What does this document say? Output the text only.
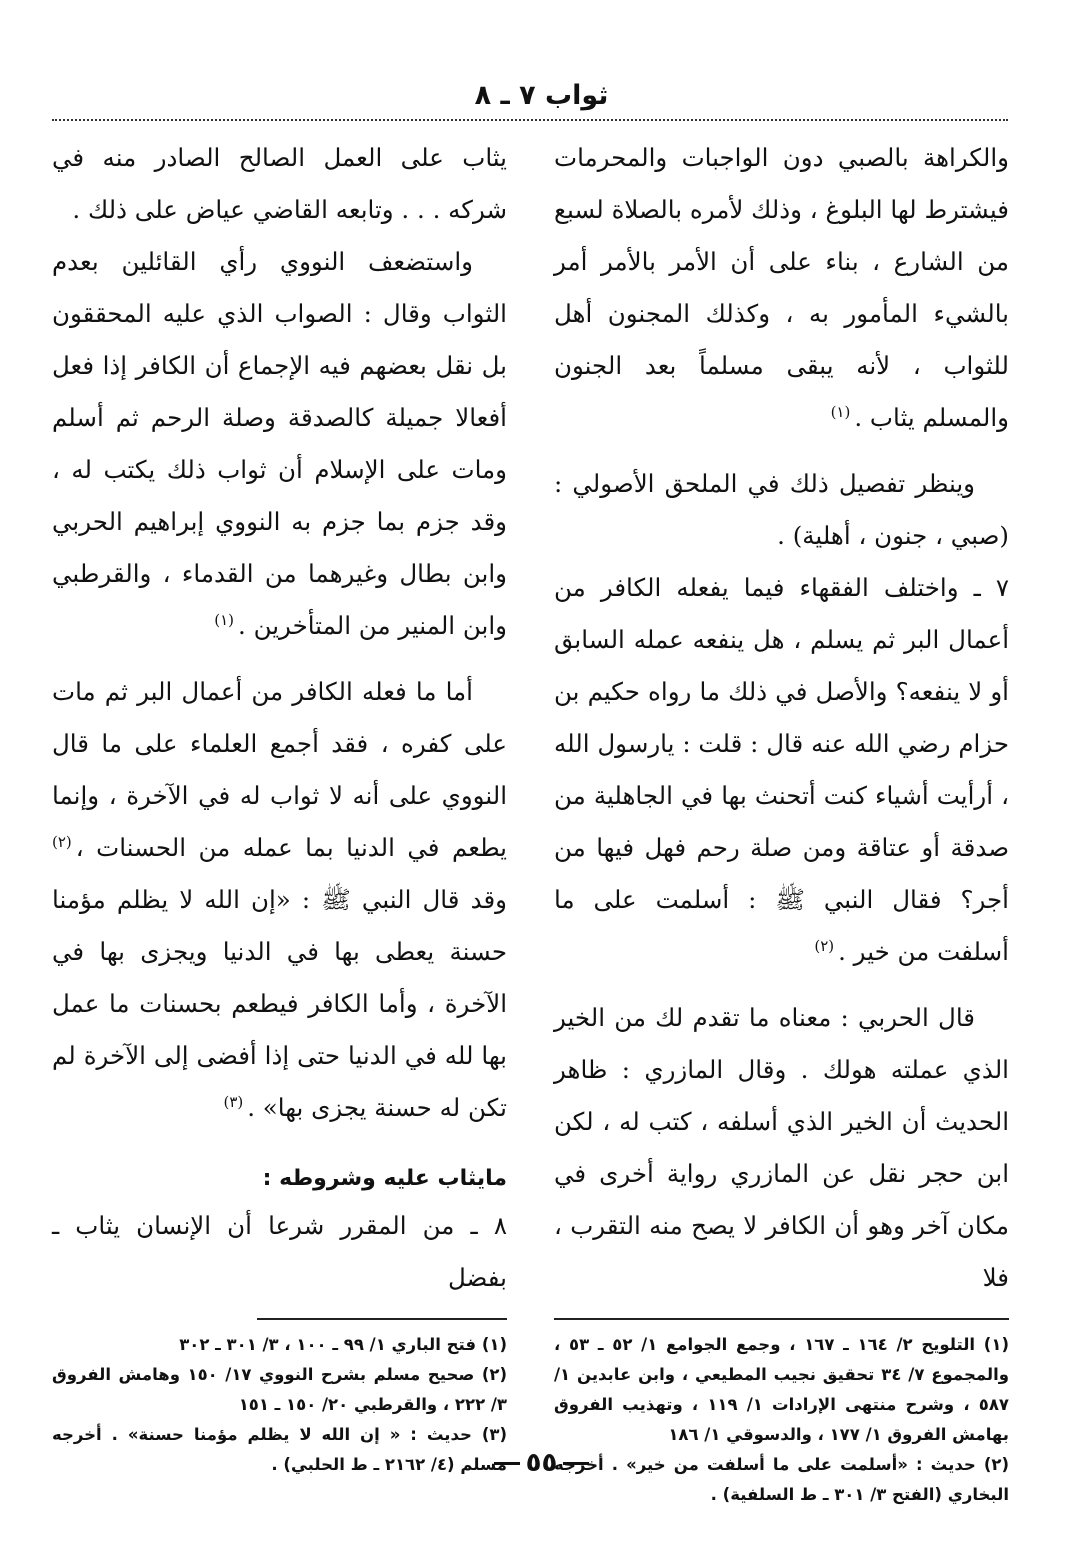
ثواب ٧ ـ ٨

والكراهة بالصبي دون الواجبات والمحرمات فيشترط لها البلوغ ، وذلك لأمره بالصلاة لسبع من الشارع ، بناء على أن الأمر بالأمر أمر بالشيء المأمور به ، وكذلك المجنون أهل للثواب ، لأنه يبقى مسلماً بعد الجنون والمسلم يثاب .$^{(١)}$

وينظر تفصيل ذلك في الملحق الأصولي : (صبي ، جنون ، أهلية) .

٧ ـ واختلف الفقهاء فيما يفعله الكافر من أعمال البر ثم يسلم ، هل ينفعه عمله السابق أو لا ينفعه؟ والأصل في ذلك ما رواه حكيم بن حزام رضي الله عنه قال : قلت : يارسول الله ، أرأيت أشياء كنت أتحنث بها في الجاهلية من صدقة أو عتاقة ومن صلة رحم فهل فيها من أجر؟ فقال النبي ﷺ : أسلمت على ما أسلفت من خير .$^{(٢)}$

قال الحربي : معناه ما تقدم لك من الخير الذي عملته هولك . وقال المازري : ظاهر الحديث أن الخير الذي أسلفه ، كتب له ، لكن ابن حجر نقل عن المازري رواية أخرى في مكان آخر وهو أن الكافر لا يصح منه التقرب ، فلا

(١) التلويح ٢/ ١٦٤ ـ ١٦٧ ، وجمع الجوامع ١/ ٥٢ ـ ٥٣ ، والمجموع ٧/ ٣٤ تحقيق نجيب المطيعي ، وابن عابدين ١/ ٥٨٧ ، وشرح منتهى الإرادات ١/ ١١٩ ، وتهذيب الفروق بهامش الفروق ١/ ١٧٧ ، والدسوقي ١/ ١٨٦

(٢) حديث : «أسلمت على ما أسلفت من خير» . أخرجه البخاري (الفتح ٣/ ٣٠١ ـ ط السلفية) .

يثاب على العمل الصالح الصادر منه في شركه . . . وتابعه القاضي عياض على ذلك .

واستضعف النووي رأي القائلين بعدم الثواب وقال : الصواب الذي عليه المحققون بل نقل بعضهم فيه الإجماع أن الكافر إذا فعل أفعالا جميلة كالصدقة وصلة الرحم ثم أسلم ومات على الإسلام أن ثواب ذلك يكتب له ، وقد جزم بما جزم به النووي إبراهيم الحربي وابن بطال وغيرهما من القدماء ، والقرطبي وابن المنير من المتأخرين .$^{(١)}$

أما ما فعله الكافر من أعمال البر ثم مات على كفره ، فقد أجمع العلماء على ما قال النووي على أنه لا ثواب له في الآخرة ، وإنما يطعم في الدنيا بما عمله من الحسنات ،$^{(٢)}$ وقد قال النبي ﷺ : «إن الله لا يظلم مؤمنا حسنة يعطى بها في الدنيا ويجزى بها في الآخرة ، وأما الكافر فيطعم بحسنات ما عمل بها لله في الدنيا حتى إذا أفضى إلى الآخرة لم تكن له حسنة يجزى بها» .$^{(٣)}$

مايثاب عليه وشروطه :

٨ ـ من المقرر شرعا أن الإنسان يثاب ـ بفضل

(١) فتح الباري ١/ ٩٩ ـ ١٠٠ ، ٣/ ٣٠١ ـ ٣٠٢

(٢) صحيح مسلم بشرح النووي ١٧/ ١٥٠ وهامش الفروق ٣/ ٢٢٢ ، والقرطبي ٢٠/ ١٥٠ ـ ١٥١

(٣) حديث : « إن الله لا يظلم مؤمنا حسنة» . أخرجه مسلم (٤/ ٢١٦٢ ـ ط الحلبي) . ٥٥
